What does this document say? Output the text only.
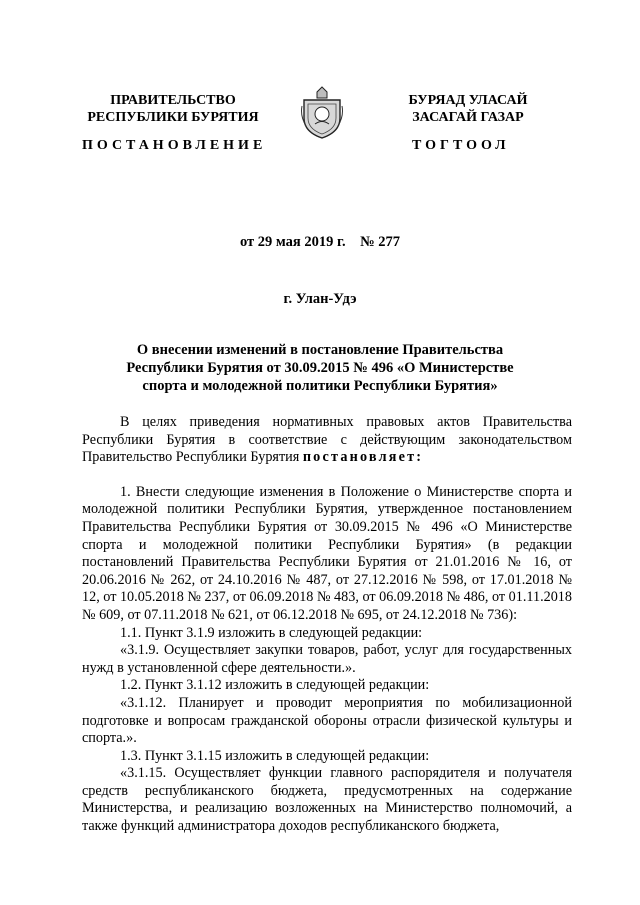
ПРАВИТЕЛЬСТВО
РЕСПУБЛИКИ БУРЯТИЯ
БУРЯАД УЛАСАЙ
ЗАСАГАЙ ГАЗАР
ПОСТАНОВЛЕНИЕ	ТОГТООЛ
от 29 мая 2019 г. № 277
г. Улан-Удэ
О внесении изменений в постановление Правительства
Республики Бурятия от 30.09.2015 № 496 «О Министерстве
спорта и молодежной политики Республики Бурятия»

В целях приведения нормативных правовых актов Правительства Республики Бурятия в соответствие с действующим законодательством Правительство Республики Бурятия постановляет:

1. Внести следующие изменения в Положение о Министерстве спорта и молодежной политики Республики Бурятия, утвержденное постановлением Правительства Республики Бурятия от 30.09.2015 № 496 «О Министерстве спорта и молодежной политики Республики Бурятия» (в редакции постановлений Правительства Республики Бурятия от 21.01.2016 № 16, от 20.06.2016 № 262, от 24.10.2016 № 487, от 27.12.2016 № 598, от 17.01.2018 № 12, от 10.05.2018 № 237, от 06.09.2018 № 483, от 06.09.2018 № 486, от 01.11.2018 № 609, от 07.11.2018 № 621, от 06.12.2018 № 695, от 24.12.2018 № 736):

1.1. Пункт 3.1.9 изложить в следующей редакции:

«3.1.9. Осуществляет закупки товаров, работ, услуг для государственных нужд в установленной сфере деятельности.».

1.2. Пункт 3.1.12 изложить в следующей редакции:

«3.1.12. Планирует и проводит мероприятия по мобилизационной подготовке и вопросам гражданской обороны отрасли физической культуры и спорта.».

1.3. Пункт 3.1.15 изложить в следующей редакции:

«3.1.15. Осуществляет функции главного распорядителя и получателя средств республиканского бюджета, предусмотренных на содержание Министерства, и реализацию возложенных на Министерство полномочий, а также функций администратора доходов республиканского бюджета,
